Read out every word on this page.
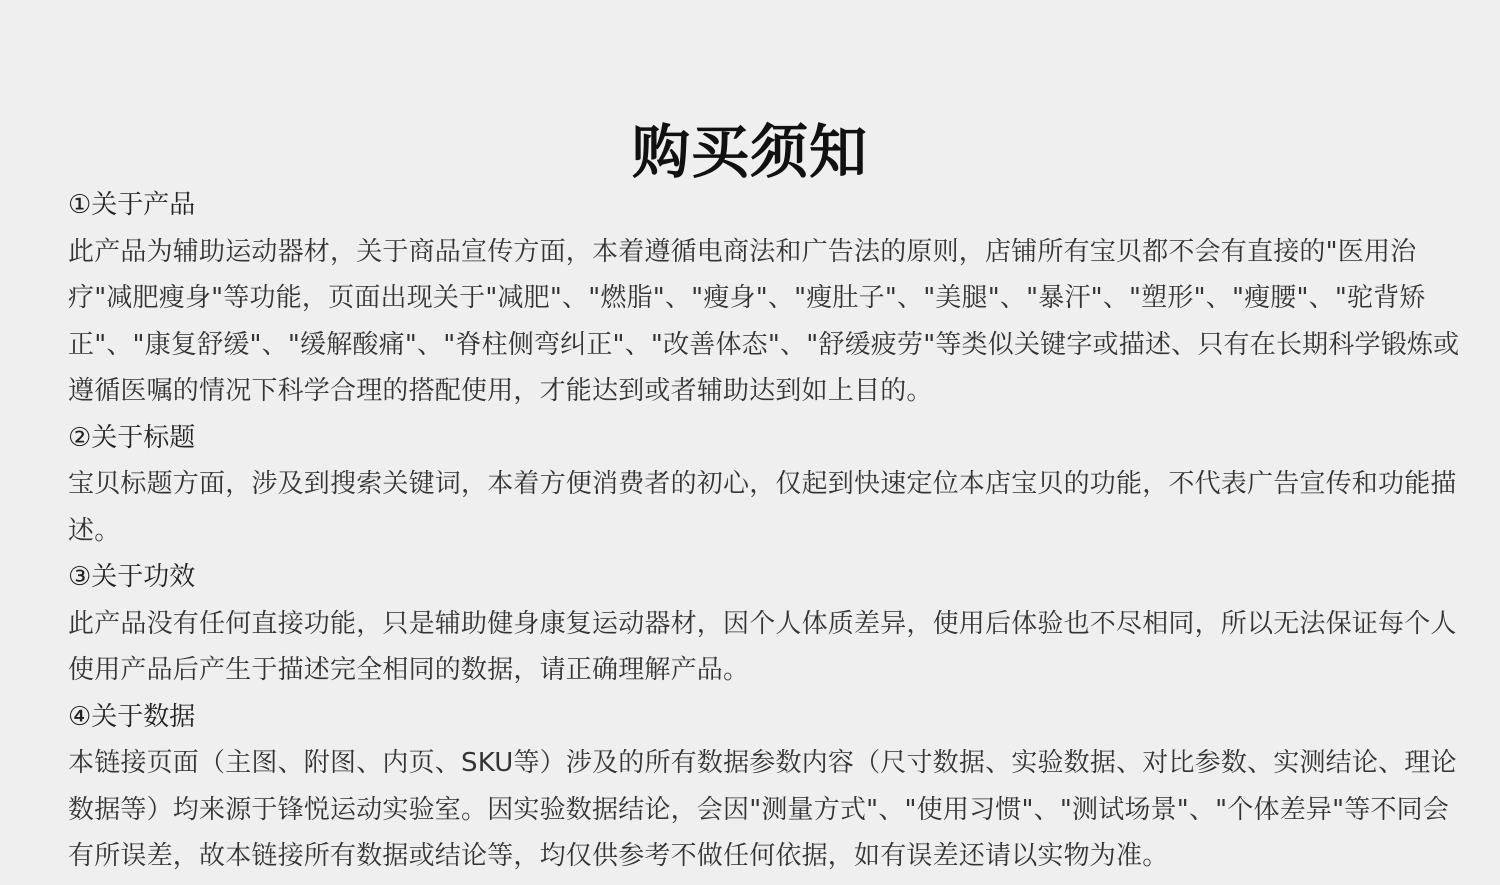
购买须知

①关于产品

此产品为辅助运动器材，关于商品宣传方面，本着遵循电商法和广告法的原则，店铺所有宝贝都不会有直接的"医用治疗"减肥瘦身"等功能，页面出现关于"减肥"、"燃脂"、"瘦身"、"瘦肚子"、"美腿"、"暴汗"、"塑形"、"瘦腰"、"驼背矫正"、"康复舒缓"、"缓解酸痛"、"脊柱侧弯纠正"、"改善体态"、"舒缓疲劳"等类似关键字或描述、只有在长期科学锻炼或遵循医嘱的情况下科学合理的搭配使用，才能达到或者辅助达到如上目的。

②关于标题

宝贝标题方面，涉及到搜索关键词，本着方便消费者的初心，仅起到快速定位本店宝贝的功能，不代表广告宣传和功能描述。

③关于功效

此产品没有任何直接功能，只是辅助健身康复运动器材，因个人体质差异，使用后体验也不尽相同，所以无法保证每个人使用产品后产生于描述完全相同的数据，请正确理解产品。

④关于数据

本链接页面（主图、附图、内页、SKU等）涉及的所有数据参数内容（尺寸数据、实验数据、对比参数、实测结论、理论数据等）均来源于锋悦运动实验室。因实验数据结论，会因"测量方式"、"使用习惯"、"测试场景"、"个体差异"等不同会有所误差，故本链接所有数据或结论等，均仅供参考不做任何依据，如有误差还请以实物为准。
